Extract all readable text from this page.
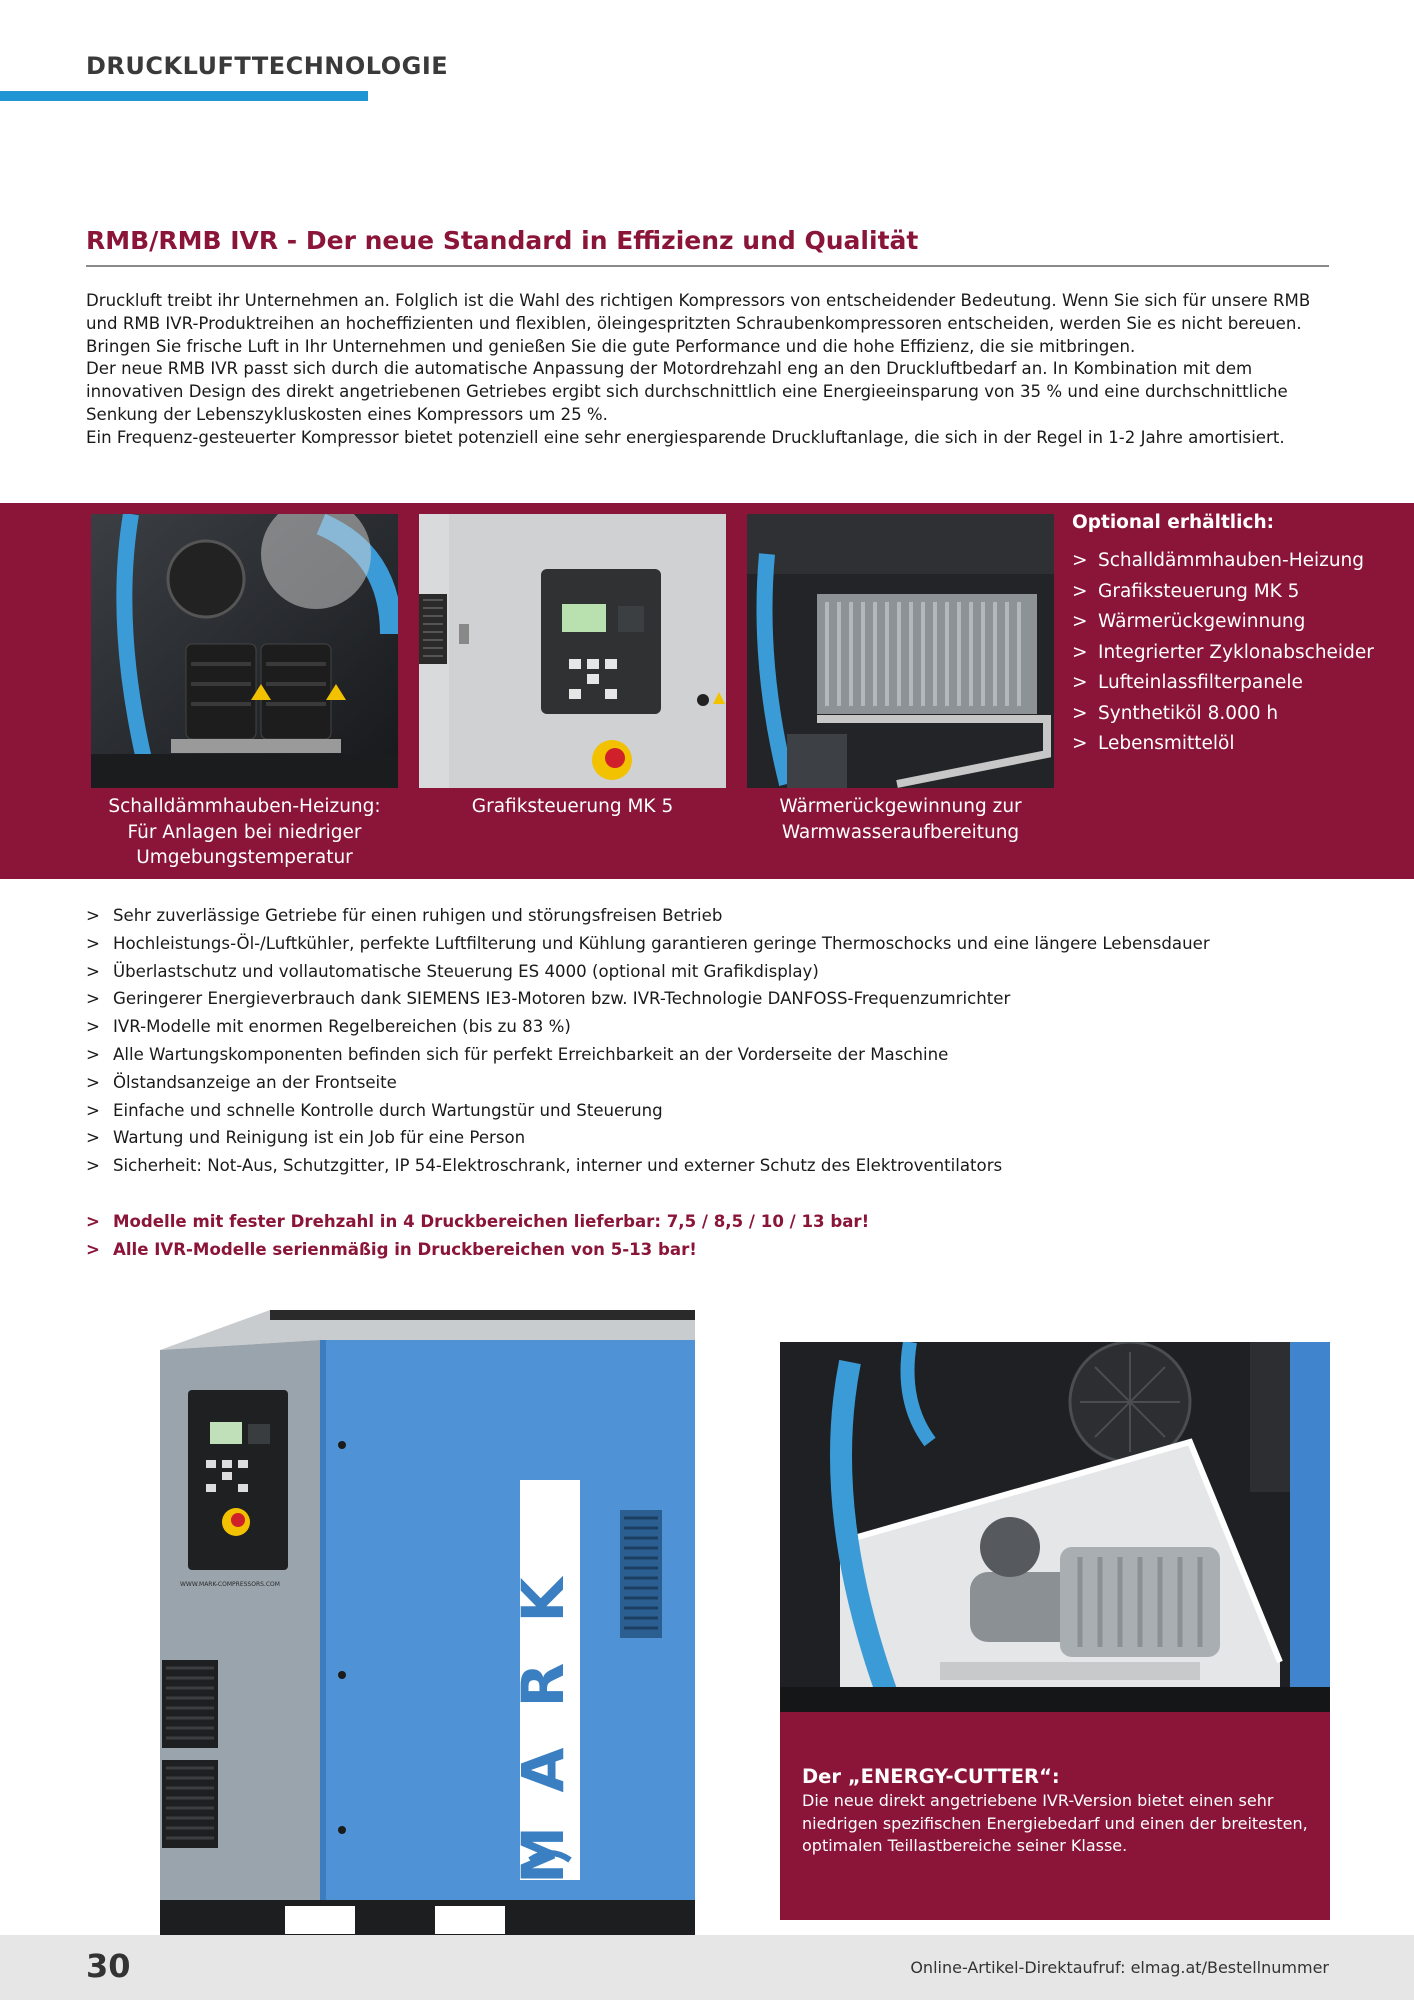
DRUCKLUFTTECHNOLOGIE
RMB/RMB IVR - Der neue Standard in Effizienz und Qualität

Druckluft treibt ihr Unternehmen an. Folglich ist die Wahl des richtigen Kompressors von entscheidender Bedeutung. Wenn Sie sich für unsere RMB und RMB IVR-Produktreihen an hocheffizienten und flexiblen, öleingespritzten Schraubenkompressoren entscheiden, werden Sie es nicht bereuen. Bringen Sie frische Luft in Ihr Unternehmen und genießen Sie die gute Performance und die hohe Effizienz, die sie mitbringen.

Der neue RMB IVR passt sich durch die automatische Anpassung der Motordrehzahl eng an den Druckluftbedarf an. In Kombination mit dem innovativen Design des direkt angetriebenen Getriebes ergibt sich durchschnittlich eine Energieeinsparung von 35 % und eine durchschnittliche Senkung der Lebenszykluskosten eines Kompressors um 25 %.

Ein Frequenz-gesteuerter Kompressor bietet potenziell eine sehr energiesparende Druckluftanlage, die sich in der Regel in 1-2 Jahre amortisiert.

Schalldämmhauben-Heizung: Für Anlagen bei niedriger Umgebungstemperatur
Grafiksteuerung MK 5	Wärmerückgewinnung zur Warmwasseraufbereitung
Optional erhältlich:
> Schalldämmhauben-Heizung
> Grafiksteuerung MK 5
> Wärmerückgewinnung
> Integrierter Zyklonabscheider
> Lufteinlassfilterpanele
> Synthetiköl 8.000 h
> Lebensmittelöl
> Sehr zuverlässige Getriebe für einen ruhigen und störungsfreisen Betrieb
> Hochleistungs-Öl-/Luftkühler, perfekte Luftfilterung und Kühlung garantieren geringe Thermoschocks und eine längere Lebensdauer
> Überlastschutz und vollautomatische Steuerung ES 4000 (optional mit Grafikdisplay)
> Geringerer Energieverbrauch dank SIEMENS IE3-Motoren bzw. IVR-Technologie DANFOSS-Frequenzumrichter
> IVR-Modelle mit enormen Regelbereichen (bis zu 83 %)
> Alle Wartungskomponenten befinden sich für perfekt Erreichbarkeit an der Vorderseite der Maschine
> Ölstandsanzeige an der Frontseite
> Einfache und schnelle Kontrolle durch Wartungstür und Steuerung
> Wartung und Reinigung ist ein Job für eine Person
> Sicherheit: Not-Aus, Schutzgitter, IP 54-Elektroschrank, interner und externer Schutz des Elektroventilators
> Modelle mit fester Drehzahl in 4 Druckbereichen lieferbar: 7,5 / 8,5 / 10 / 13 bar!
> Alle IVR-Modelle serienmäßig in Druckbereichen von 5-13 bar!
WWW.MARK-COMPRESSORS.COM
M
A
R
K
Der „ENERGY-CUTTER“:
Die neue direkt angetriebene IVR-Version bietet einen sehr niedrigen spezifischen Energiebedarf und einen der breitesten, optimalen Teillastbereiche seiner Klasse.
30	Online-Artikel-Direktaufruf: elmag.at/Bestellnummer
